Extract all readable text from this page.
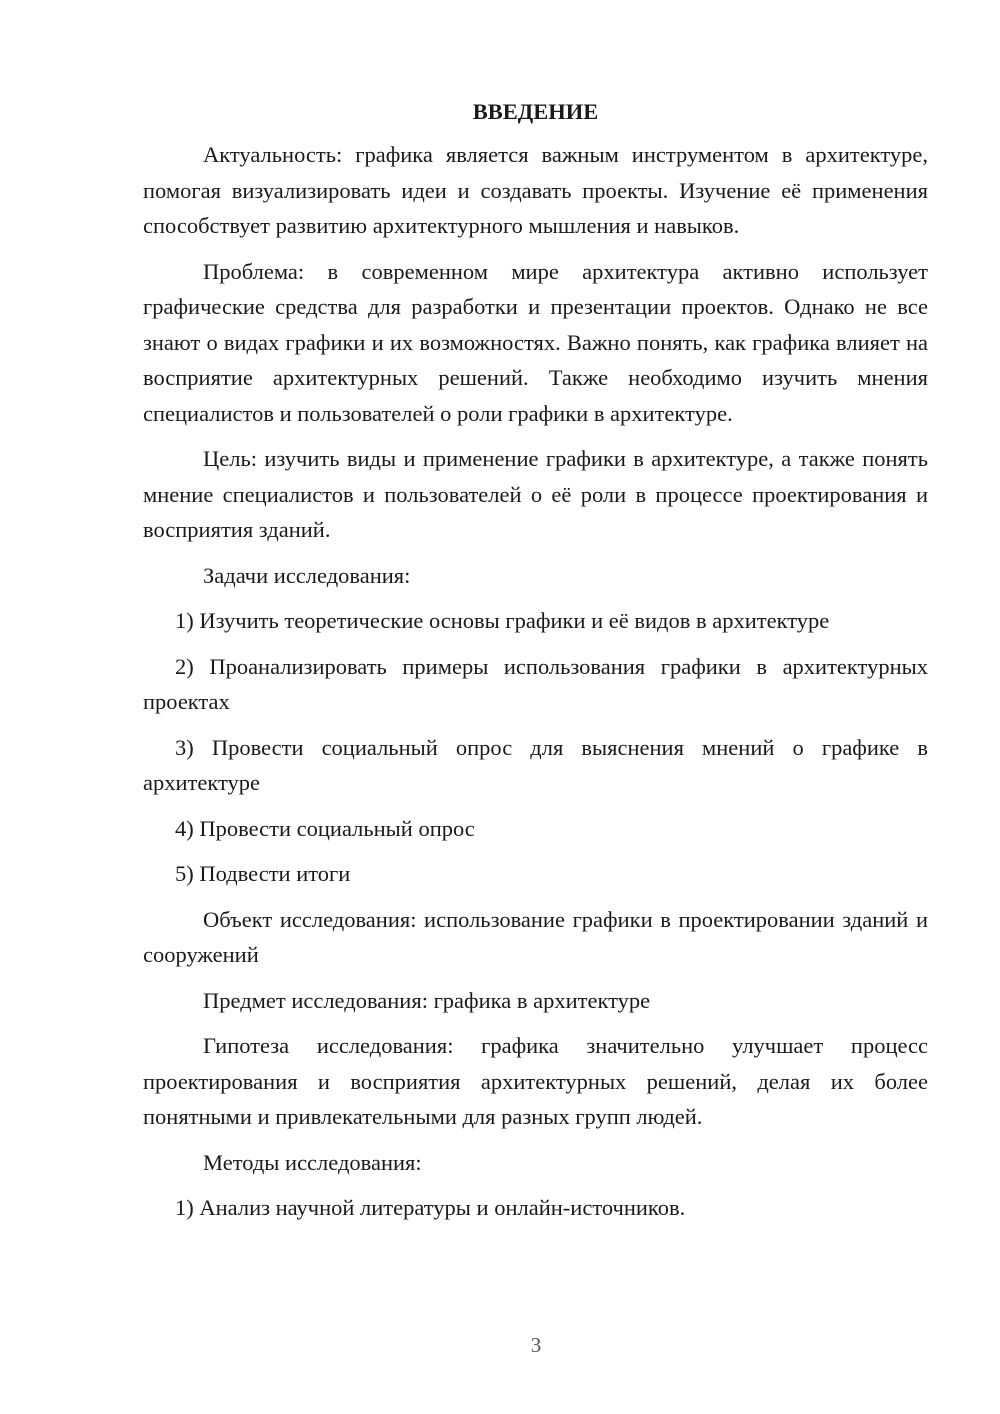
ВВЕДЕНИЕ

Актуальность: графика является важным инструментом в архитектуре, помогая визуализировать идеи и создавать проекты. Изучение её применения способствует развитию архитектурного мышления и навыков.

Проблема: в современном мире архитектура активно использует графические средства для разработки и презентации проектов. Однако не все знают о видах графики и их возможностях. Важно понять, как графика влияет на восприятие архитектурных решений. Также необходимо изучить мнения специалистов и пользователей о роли графики в архитектуре.

Цель: изучить виды и применение графики в архитектуре, а также понять мнение специалистов и пользователей о её роли в процессе проектирования и восприятия зданий.

Задачи исследования:

1) Изучить теоретические основы графики и её видов в архитектуре

2) Проанализировать примеры использования графики в архитектурных проектах

3) Провести социальный опрос для выяснения мнений о графике в архитектуре

4) Провести социальный опрос

5) Подвести итоги

Объект исследования: использование графики в проектировании зданий и сооружений

Предмет исследования: графика в архитектуре

Гипотеза исследования: графика значительно улучшает процесс проектирования и восприятия архитектурных решений, делая их более понятными и привлекательными для разных групп людей.

Методы исследования:

1) Анализ научной литературы и онлайн-источников.

3
